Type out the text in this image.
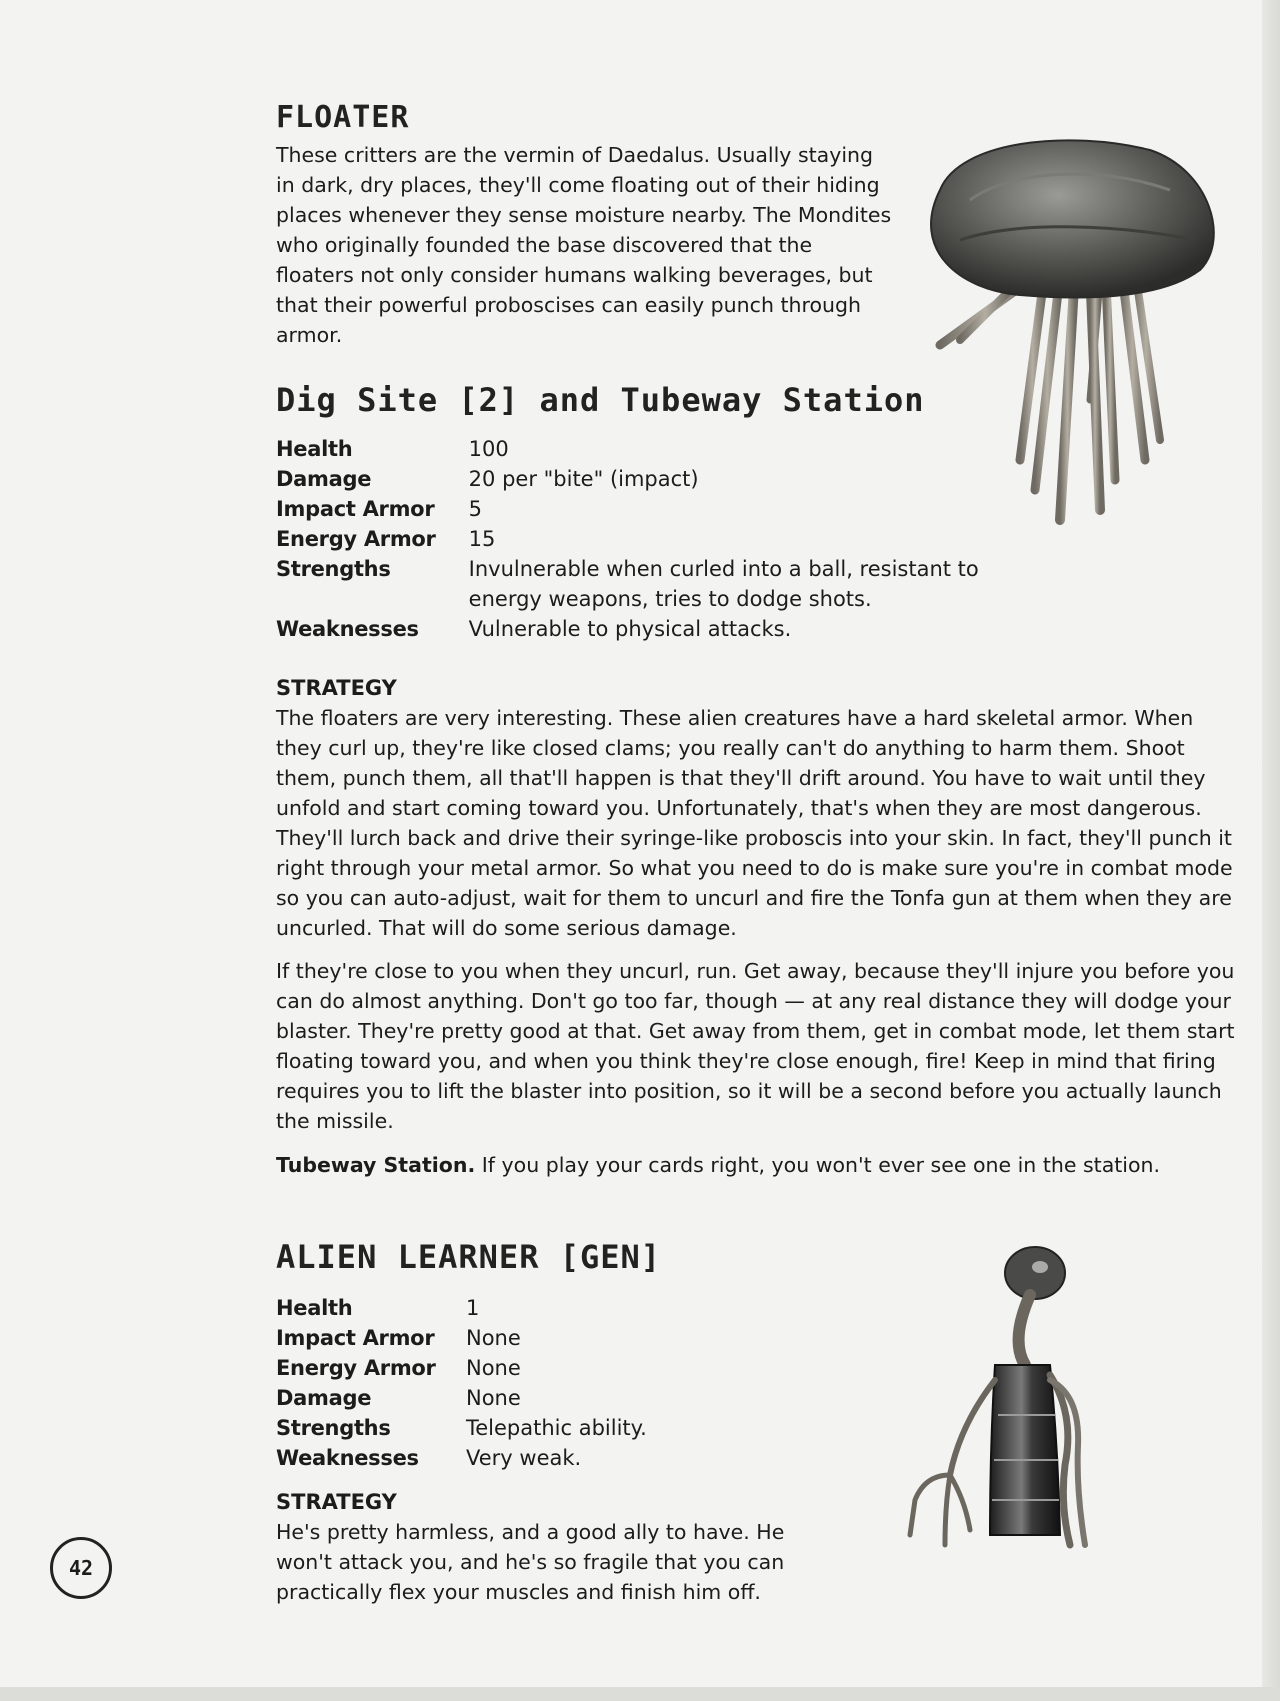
FLOATER

These critters are the vermin of Daedalus. Usually staying in dark, dry places, they'll come floating out of their hiding places whenever they sense moisture nearby. The Mondites who originally founded the base discovered that the floaters not only consider humans walking beverages, but that their powerful proboscises can easily punch through armor.

Dig Site [2] and Tubeway Station
Health	100
Damage	20 per "bite" (impact)
Impact Armor	5
Energy Armor	15
Strengths	Invulnerable when curled into a ball, resistant to energy weapons, tries to dodge shots.
Weaknesses	Vulnerable to physical attacks.

STRATEGY

The floaters are very interesting. These alien creatures have a hard skeletal armor. When they curl up, they're like closed clams; you really can't do anything to harm them. Shoot them, punch them, all that'll happen is that they'll drift around. You have to wait until they unfold and start coming toward you. Unfortunately, that's when they are most dangerous. They'll lurch back and drive their syringe-like proboscis into your skin. In fact, they'll punch it right through your metal armor. So what you need to do is make sure you're in combat mode so you can auto-adjust, wait for them to uncurl and fire the Tonfa gun at them when they are uncurled. That will do some serious damage.

If they're close to you when they uncurl, run. Get away, because they'll injure you before you can do almost anything. Don't go too far, though — at any real distance they will dodge your blaster. They're pretty good at that. Get away from them, get in combat mode, let them start floating toward you, and when you think they're close enough, fire! Keep in mind that firing requires you to lift the blaster into position, so it will be a second before you actually launch the missile.

Tubeway Station. If you play your cards right, you won't ever see one in the station.

ALIEN LEARNER [GEN]
Health	1
Impact Armor	None
Energy Armor	None
Damage	None
Strengths	Telepathic ability.
Weaknesses	Very weak.

STRATEGY

He's pretty harmless, and a good ally to have. He won't attack you, and he's so fragile that you can practically flex your muscles and finish him off.

42
